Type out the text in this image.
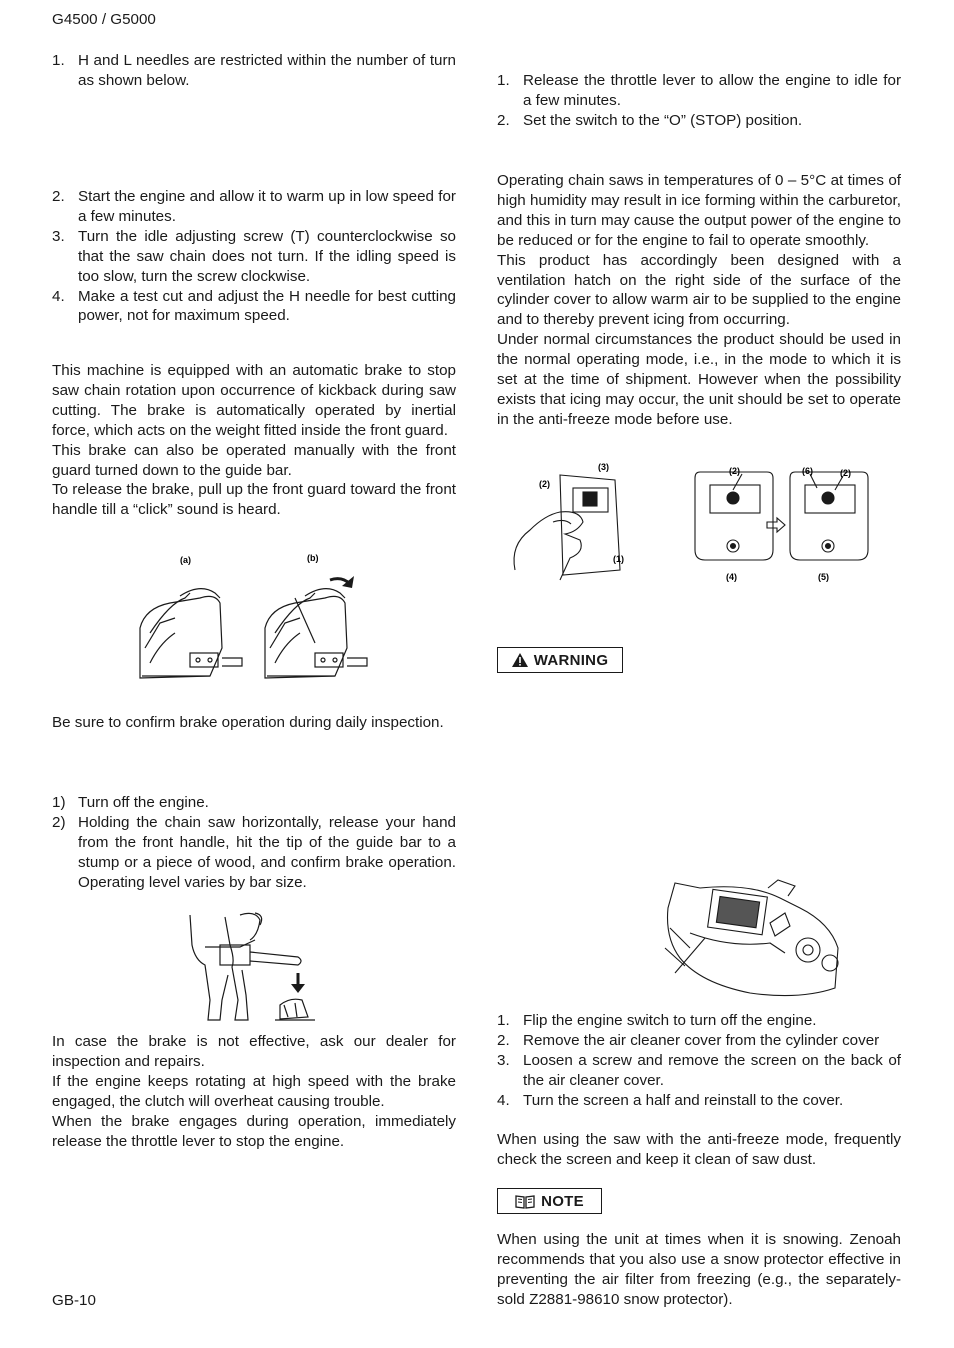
G4500 / G5000
1. H and L needles are restricted within the number of turn as shown below.
2. Start the engine and allow it to warm up in low speed for a few minutes.
3. Turn the idle adjusting screw (T) counterclockwise so that the saw chain does not turn. If the idling speed is too slow, turn the screw clockwise.
4. Make a test cut and adjust the H needle for best cutting power, not for maximum speed.

This machine is equipped with an automatic brake to stop saw chain rotation upon occurrence of kickback during saw cutting. The brake is automatically operated by inertial force, which acts on the weight fitted inside the front guard.

This brake can also be operated manually with the front guard turned down to the guide bar.

To release the brake, pull up the front guard toward the front handle till a “click” sound is heard.

(a)	(b)

Be sure to confirm brake operation during daily inspection.

1) Turn off the engine.
2) Holding the chain saw horizontally, release your hand from the front handle, hit the tip of the guide bar to a stump or a piece of wood, and confirm brake operation. Operating level varies by bar size.

In case the brake is not effective, ask our dealer for inspection and repairs.

If the engine keeps rotating at high speed with the brake engaged, the clutch will overheat causing trouble.

When the brake engages during operation, immediately release the throttle lever to stop the engine.

GB-10
1. Release the throttle lever to allow the engine to idle for a few minutes.
2. Set the switch to the “O” (STOP) position.

Operating chain saws in temperatures of 0 – 5°C at times of high humidity may result in ice forming within the carburetor, and this in turn may cause the output power of the engine to be reduced or for the engine to fail to operate smoothly.

This product has accordingly been designed with a ventilation hatch on the right side of the surface of the cylinder cover to allow warm air to be supplied to the engine and to thereby prevent icing from occurring.

Under normal circumstances the product should be used in the normal operating mode, i.e., in the mode to which it is set at the time of shipment. However when the possibility exists that icing may occur, the unit should be set to operate in the anti-freeze mode before use.

(3)
(2)
(1)
(2)	(6)	(2)
(4)	(5)
WARNING
1. Flip the engine switch to turn off the engine.
2. Remove the air cleaner cover from the cylinder cover
3. Loosen a screw and remove the screen on the back of the air cleaner cover.
4. Turn the screen a half and reinstall to the cover.

When using the saw with the anti-freeze mode, frequently check the screen and keep it clean of saw dust.

NOTE

When using the unit at times when it is snowing. Zenoah recommends that you also use a snow protector effective in preventing the air filter from freezing (e.g., the separately-sold Z2881-98610 snow protector).
